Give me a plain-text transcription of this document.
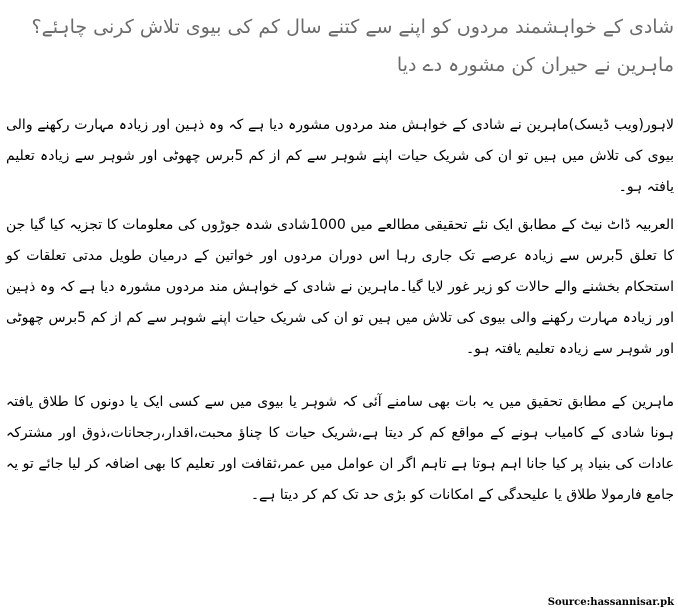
شادی کے خواہشمند مردوں کو اپنے سے کتنے سال کم کی بیوی تلاش کرنی چاہئے؟ماہرین نے حیران کن مشورہ دے دیا

لاہور(ویب ڈیسک)ماہرین نے شادی کے خواہش مند مردوں مشورہ دیا ہے کہ وہ ذہین اور زیادہ مہارت رکھنے والی بیوی کی تلاش میں ہیں تو ان کی شریک حیات اپنے شوہر سے کم از کم 5برس چھوٹی اور شوہر سے زیادہ تعلیم یافتہ ہو۔

العربیہ ڈاٹ نیٹ کے مطابق ایک نئے تحقیقی مطالعے میں 1000شادی شدہ جوڑوں کی معلومات کا تجزیہ کیا گیا جن کا تعلق 5برس سے زیادہ عرصے تک جاری رہا اس دوران مردوں اور خواتین کے درمیان طویل مدتی تعلقات کو استحکام بخشنے والے حالات کو زیر غور لایا گیا۔ماہرین نے شادی کے خواہش مند مردوں مشورہ دیا ہے کہ وہ ذہین اور زیادہ مہارت رکھنے والی بیوی کی تلاش میں ہیں تو ان کی شریک حیات اپنے شوہر سے کم از کم 5برس چھوٹی اور شوہر سے زیادہ تعلیم یافتہ ہو۔

ماہرین کے مطابق تحقیق میں یہ بات بھی سامنے آئی کہ شوہر یا بیوی میں سے کسی ایک یا دونوں کا طلاق یافتہ ہونا شادی کے کامیاب ہونے کے مواقع کم کر دیتا ہے،شریک حیات کا چناؤ محبت،اقدار،رجحانات،ذوق اور مشترکہ عادات کی بنیاد پر کیا جانا اہم ہوتا ہے تاہم اگر ان عوامل میں عمر،ثقافت اور تعلیم کا بھی اضافہ کر لیا جائے تو یہ جامع فارمولا طلاق یا علیحدگی کے امکانات کو بڑی حد تک کم کر دیتا ہے۔

Source:hassannisar.pk
